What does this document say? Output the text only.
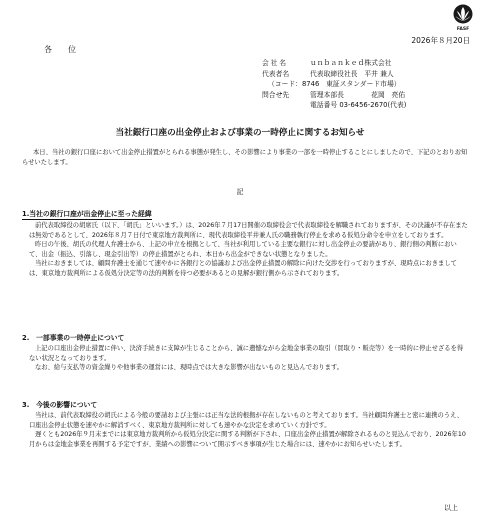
FASF
2026年８月20日
各位
会社名	ｕｎｂａｎｋｅｄ株式会社
代表者名	代表取締役社長　平井 兼人
（コード：8746　東証スタンダード市場）
問合せ先	管理本部長　　　　花岡　亮佑
電話番号 03-6456-2670(代表)
当社銀行口座の出金停止および事業の一時停止に関するお知らせ

本日、当社の銀行口座において出金停止措置がとられる事態が発生し、その影響により事業の一部を一時停止することにしましたので、下記のとおりお知らせいたします。

記
1.当社の銀行口座が出金停止に至った経緯

前代表取締役の胡席氏（以下、「胡氏」といいます。）は、2026年７月17日開催の取締役会で代表取締役を解職されておりますが、その決議が不存在または無効であるとして、2026年８月７日付で東京地方裁判所に、現代表取締役平井兼人氏の職務執行停止を求める仮処分命令を申立をしております。

昨日の午後、胡氏の代理人弁護士から、上記の申立を根拠として、当社が利用している主要な銀行に対し出金停止の要請があり、銀行側の判断において、出金（振込、引落し、現金引出等）の停止措置がとられ、本日から出金ができない状態となりました。

当社におきましては、顧問弁護士を通じて速やかに各銀行との協議および出金停止措置の解除に向けた交渉を行っておりますが、現時点におきましては、東京地方裁判所による仮処分決定等の法的判断を待つ必要があるとの見解が銀行側から示されております。

2.　一部事業の一時停止について

上記の口座出金停止措置に伴い、決済手続きに支障が生じることから、誠に遺憾ながら金地金事業の取引（買取り・販売等）を一時的に停止せざるを得ない状況となっております。

なお、給与支払等の資金繰りや他事業の運営には、現時点では大きな影響が出ないものと見込んでおります。

3.　今後の影響について

当社は、前代表取締役の胡氏による今般の要請および主張には正当な法的根拠が存在しないものと考えております。当社顧問弁護士と密に連携のうえ、口座出金停止状態を速やかに解消すべく、東京地方裁判所に対しても速やかな決定を求めていく方針です。

遅くとも2026年９月末までには東京地方裁判所から仮処分決定に関する判断が下され、口座出金停止措置が解除されるものと見込んでおり、2026年10月からは金地金事業を再開する予定ですが、業績への影響について開示すべき事項が生じた場合には、速やかにお知らせいたします。

以上
